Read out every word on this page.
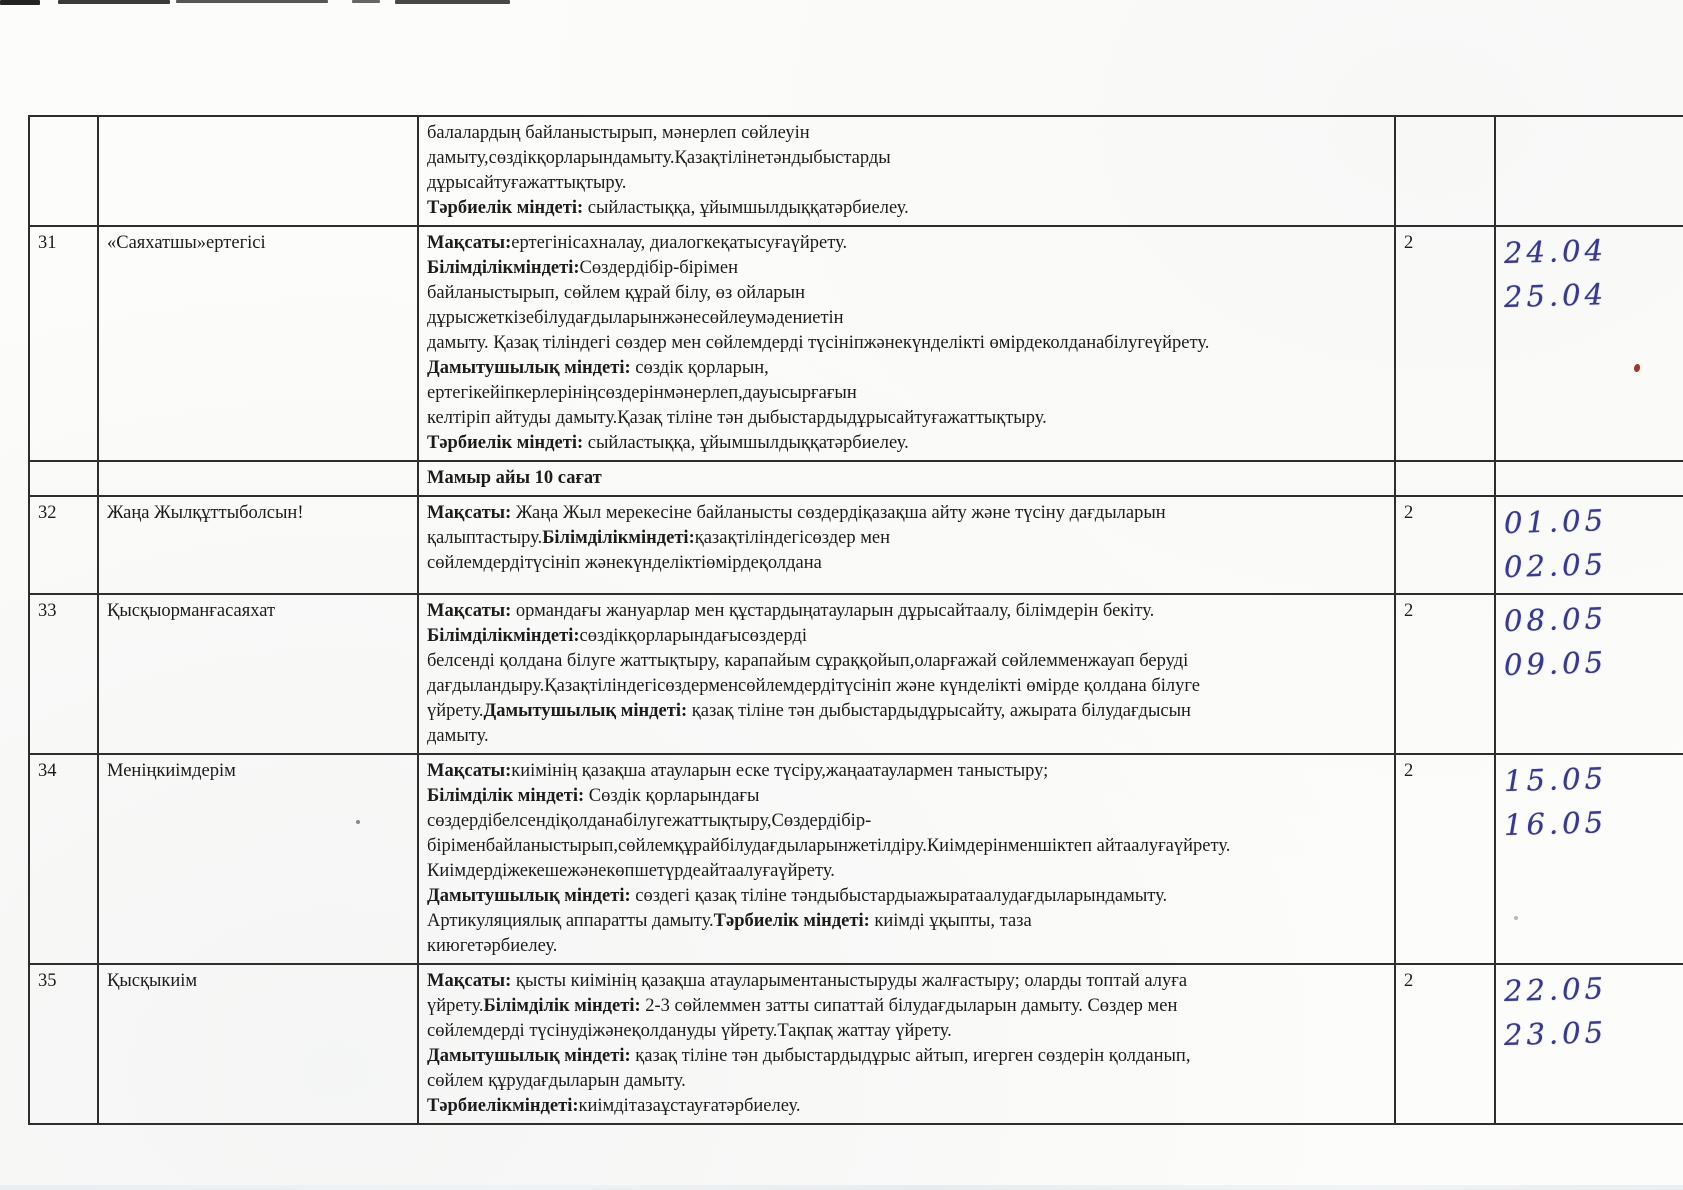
		балалардың байланыстырып, мәнерлеп сөйлеуін
дамыту,сөздікқорларындамыту.Қазақтілінетәндыбыстарды
дұрысайтуғажаттықтыру.
Тәрбиелік міндеті: сыйластыққа, ұйымшылдыққатәрбиелеу.		

31	«Саяхатшы»ертегісі	Мақсаты:ертегінісахналау, диалогкеқатысуғаүйрету.
Білімділікміндеті:Сөздердібір-бірімен
байланыстырып, сөйлем құрай білу, өз ойларын
дұрысжеткізебілудағдыларынжәнесөйлеумәдениетін
дамыту. Қазақ тіліндегі сөздер мен сөйлемдерді түсініпжәнекүнделікті өмірдеколданабілугеүйрету.
Дамытушылық міндеті: сөздік қорларын,
ертегікейіпкерлерініңсөздерінмәнерлеп,дауысырғағын
келтіріп айтуды дамыту.Қазақ тіліне тән дыбыстардыдұрысайтуғажаттықтыру.
Тәрбиелік міндеті: сыйластыққа, ұйымшылдыққатәрбиелеу.
	2	24.04
25.04

		Мамыр айы 10 сағат		

32	Жаңа Жылқұттыболсын!	Мақсаты: Жаңа Жыл мерекесіне байланысты сөздердіқазақша айту және түсіну дағдыларын
қалыптастыру.Білімділікміндеті:қазақтіліндегісөздер мен
сөйлемдердітүсініп жәнекүнделіктіөмірдеқолдана
	2	01.05
02.05

33	Қысқыорманғасаяхат	Мақсаты: ормандағы жануарлар мен құстардыңатауларын дұрысайтаалу, білімдерін бекіту.
Білімділікміндеті:сөздікқорларындағысөздерді
белсенді қолдана білуге жаттықтыру, карапайым сұраққойып,оларғажай сөйлемменжауап беруді
дағдыландыру.Қазақтіліндегісөздерменсөйлемдердітүсініп және күнделікті өмірде қолдана білуге
үйрету.Дамытушылық міндеті: қазақ тіліне тән дыбыстардыдұрысайту, ажырата білудағдысын
дамыту.
	2	08.05
09.05

34	Меніңкиімдерім	Мақсаты:киімінің қазақша атауларын еске түсіру,жаңаатаулармен таныстыру;
Білімділік міндеті: Сөздік қорларындағы
сөздердібелсендіқолданабілугежаттықтыру,Сөздердібір-
біріменбайланыстырып,сөйлемқұрайбілудағдыларынжетілдіру.Киімдерінменшіктеп айтаалуғаүйрету.
Киімдердіжекешежәнекөпшетүрдеайтаалуғаүйрету.
Дамытушылық міндеті: сөздегі қазақ тіліне тәндыбыстардыажыратаалудағдыларындамыту.
Артикуляциялық аппаратты дамыту.Тәрбиелік міндеті: киімді ұқыпты, таза
киюгетәрбиелеу.
	2	15.05
16.05

35	Қысқыкиім	Мақсаты: қысты киімінің қазақша атауларыментаныстыруды жалғастыру; оларды топтай алуға
үйрету.Білімділік міндеті: 2-3 сөйлеммен затты сипаттай білудағдыларын дамыту. Сөздер мен
сөйлемдерді түсінудіжәнеқолдануды үйрету.Тақпақ жаттау үйрету.
Дамытушылық міндеті: қазақ тіліне тән дыбыстардыдұрыс айтып, игерген сөздерін қолданып,
сөйлем құрудағдыларын дамыту.
Тәрбиелікміндеті:киімдітазаұстауғатәрбиелеу.
	2	22.05
23.05
